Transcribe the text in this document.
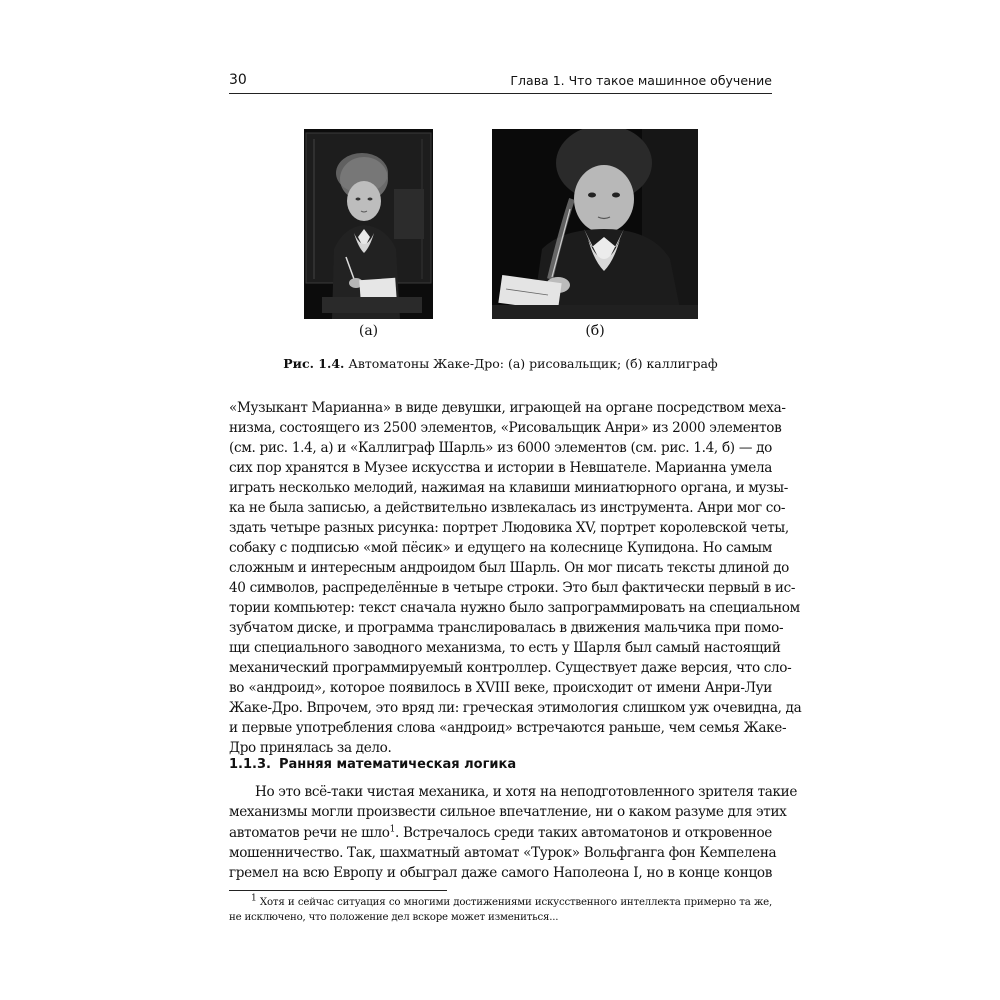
30	Глава 1. Что такое машинное обучение
(а)	(б)
Рис. 1.4. Автоматоны Жаке-Дро: (а) рисовальщик; (б) каллиграф
«Музыкант Марианна» в виде девушки, играющей на органе посредством меха-
низма, состоящего из 2500 элементов, «Рисовальщик Анри» из 2000 элементов
(см. рис. 1.4, а) и «Каллиграф Шарль» из 6000 элементов (см. рис. 1.4, б) — до
сих пор хранятся в Музее искусства и истории в Невшателе. Марианна умела
играть несколько мелодий, нажимая на клавиши миниатюрного органа, и музы-
ка не была записью, а действительно извлекалась из инструмента. Анри мог со-
здать четыре разных рисунка: портрет Людовика XV, портрет королевской четы,
собаку с подписью «мой пёсик» и едущего на колеснице Купидона. Но самым
сложным и интересным андроидом был Шарль. Он мог писать тексты длиной до
40 символов, распределённые в четыре строки. Это был фактически первый в ис-
тории компьютер: текст сначала нужно было запрограммировать на специальном
зубчатом диске, и программа транслировалась в движения мальчика при помо-
щи специального заводного механизма, то есть у Шарля был самый настоящий
механический программируемый контроллер. Существует даже версия, что сло-
во «андроид», которое появилось в XVIII веке, происходит от имени Анри-Луи
Жаке-Дро. Впрочем, это вряд ли: греческая этимология слишком уж очевидна, да
и первые употребления слова «андроид» встречаются раньше, чем семья Жаке-
Дро принялась за дело.
1.1.3. Ранняя математическая логика
Но это всё-таки чистая механика, и хотя на неподготовленного зрителя такие
механизмы могли произвести сильное впечатление, ни о каком разуме для этих
автоматов речи не шло$^1$. Встречалось среди таких автоматонов и откровенное
мошенничество. Так, шахматный автомат «Турок» Вольфганга фон Кемпелена
гремел на всю Европу и обыграл даже самого Наполеона I, но в конце концов
$^1$ Хотя и сейчас ситуация со многими достижениями искусственного интеллекта примерно та же,
не исключено, что положение дел вскоре может измениться...
